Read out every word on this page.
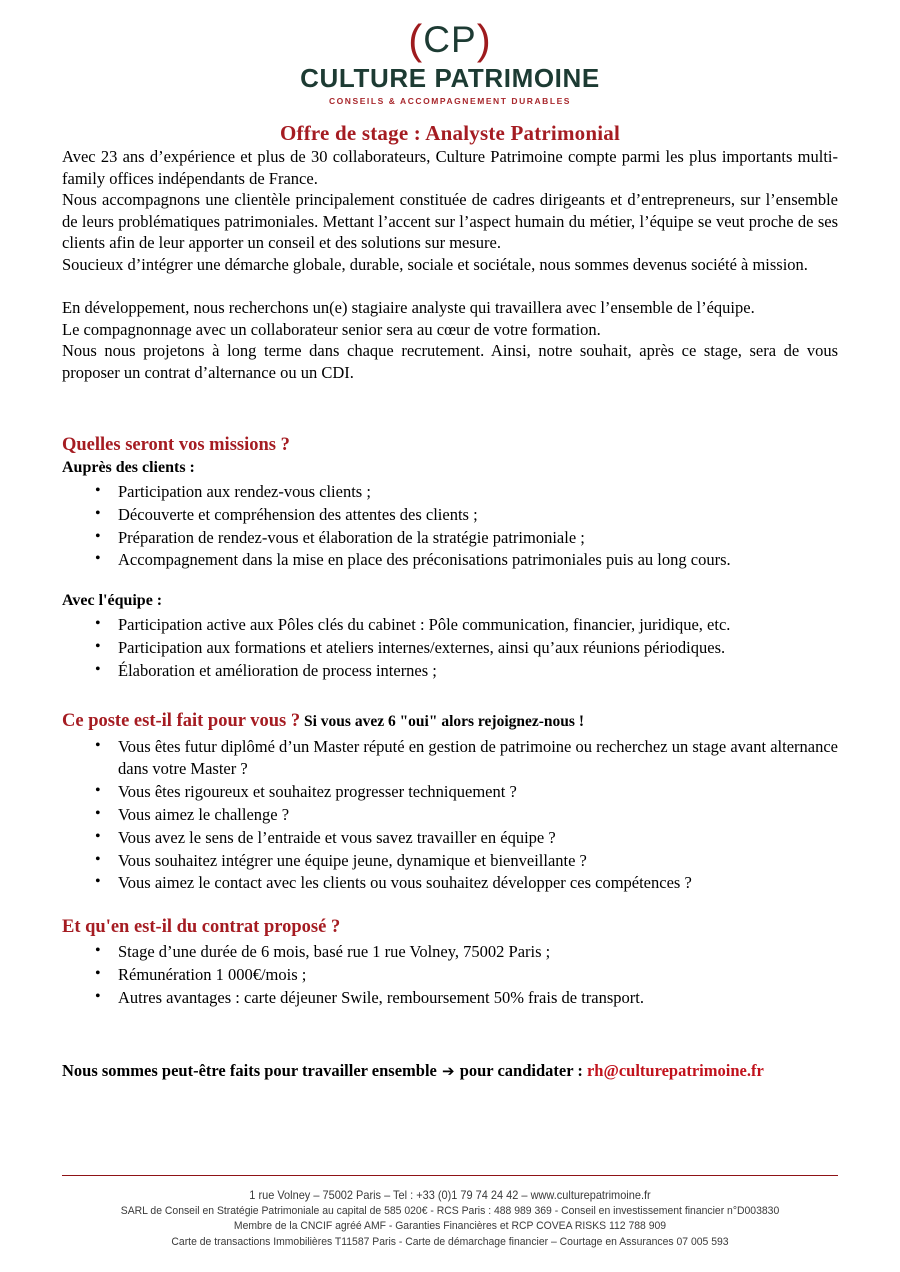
(CP)
CULTURE PATRIMOINE
CONSEILS & ACCOMPAGNEMENT DURABLES
Offre de stage : Analyste Patrimonial

Avec 23 ans d’expérience et plus de 30 collaborateurs, Culture Patrimoine compte parmi les plus importants multi-family offices indépendants de France.

Nous accompagnons une clientèle principalement constituée de cadres dirigeants et d’entrepreneurs, sur l’ensemble de leurs problématiques patrimoniales. Mettant l’accent sur l’aspect humain du métier, l’équipe se veut proche de ses clients afin de leur apporter un conseil et des solutions sur mesure.

Soucieux d’intégrer une démarche globale, durable, sociale et sociétale, nous sommes devenus société à mission.

En développement, nous recherchons un(e) stagiaire analyste qui travaillera avec l’ensemble de l’équipe.

Le compagnonnage avec un collaborateur senior sera au cœur de votre formation.

Nous nous projetons à long terme dans chaque recrutement. Ainsi, notre souhait, après ce stage, sera de vous proposer un contrat d’alternance ou un CDI.

Quelles seront vos missions ?
Auprès des clients :
• Participation aux rendez-vous clients ;
• Découverte et compréhension des attentes des clients ;
• Préparation de rendez-vous et élaboration de la stratégie patrimoniale ;
• Accompagnement dans la mise en place des préconisations patrimoniales puis au long cours.
Avec l'équipe :
• Participation active aux Pôles clés du cabinet : Pôle communication, financier, juridique, etc.
• Participation aux formations et ateliers internes/externes, ainsi qu’aux réunions périodiques.
• Élaboration et amélioration de process internes ;
Ce poste est-il fait pour vous ? Si vous avez 6 "oui" alors rejoignez-nous !
• Vous êtes futur diplômé d’un Master réputé en gestion de patrimoine ou recherchez un stage avant alternance dans votre Master ?
• Vous êtes rigoureux et souhaitez progresser techniquement ?
• Vous aimez le challenge ?
• Vous avez le sens de l’entraide et vous savez travailler en équipe ?
• Vous souhaitez intégrer une équipe jeune, dynamique et bienveillante ?
• Vous aimez le contact avec les clients ou vous souhaitez développer ces compétences ?
Et qu'en est-il du contrat proposé ?
• Stage d’une durée de 6 mois, basé rue 1 rue Volney, 75002 Paris ;
• Rémunération 1 000€/mois ;
• Autres avantages : carte déjeuner Swile, remboursement 50% frais de transport.

Nous sommes peut-être faits pour travailler ensemble ➔ pour candidater : rh@culturepatrimoine.fr

1 rue Volney – 75002 Paris – Tel : +33 (0)1 79 74 24 42 – www.culturepatrimoine.fr
SARL de Conseil en Stratégie Patrimoniale au capital de 585 020€ - RCS Paris : 488 989 369 - Conseil en investissement financier n°D003830
Membre de la CNCIF agréé AMF - Garanties Financières et RCP COVEA RISKS 112 788 909
Carte de transactions Immobilières T11587 Paris - Carte de démarchage financier – Courtage en Assurances 07 005 593
